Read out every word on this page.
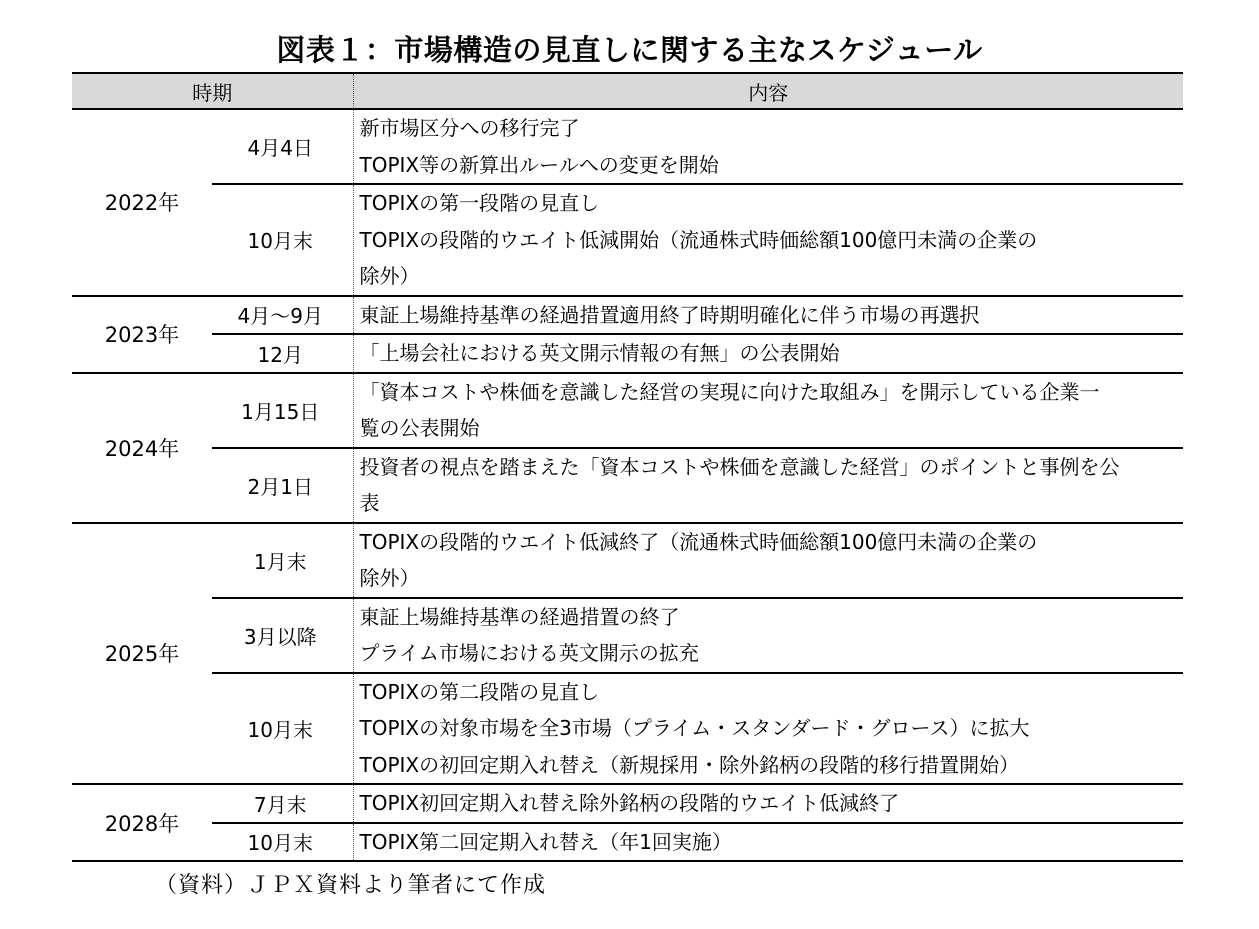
図表１：市場構造の見直しに関する主なスケジュール
時期		内容
2022年	4月4日	新市場区分への移行完了
TOPIX等の新算出ルールへの変更を開始

	10月末	TOPIXの第一段階の見直し
TOPIXの段階的ウエイト低減開始（流通株式時価総額100億円未満の企業の
除外）

2023年	4月～9月	東証上場維持基準の経過措置適用終了時期明確化に伴う市場の再選択

	12月	「上場会社における英文開示情報の有無」の公表開始

2024年	1月15日	「資本コストや株価を意識した経営の実現に向けた取組み」を開示している企業一
覧の公表開始

	2月1日	投資者の視点を踏まえた「資本コストや株価を意識した経営」のポイントと事例を公
表

2025年	1月末	TOPIXの段階的ウエイト低減終了（流通株式時価総額100億円未満の企業の
除外）

	3月以降	東証上場維持基準の経過措置の終了
プライム市場における英文開示の拡充

	10月末	TOPIXの第二段階の見直し
TOPIXの対象市場を全3市場（プライム・スタンダード・グロース）に拡大
TOPIXの初回定期入れ替え（新規採用・除外銘柄の段階的移行措置開始）

2028年	7月末	TOPIX初回定期入れ替え除外銘柄の段階的ウエイト低減終了

	10月末	TOPIX第二回定期入れ替え（年1回実施）
（資料）ＪＰＸ資料より筆者にて作成
